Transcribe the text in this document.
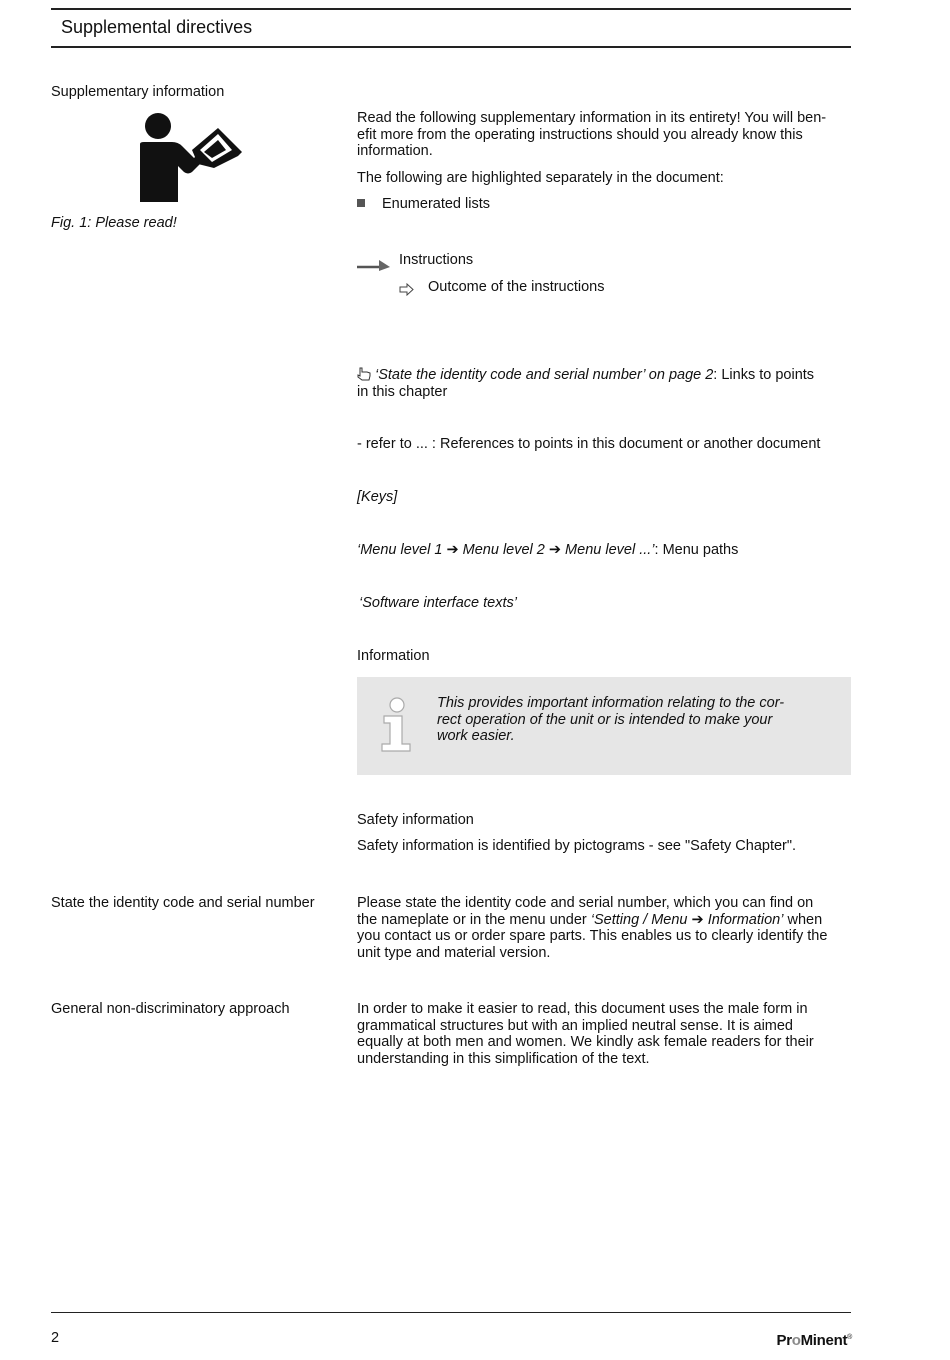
Supplemental directives
Supplementary information
Fig. 1: Please read!
Read the following supplementary information in its entirety! You will ben-
efit more from the operating instructions should you already know this
information.
The following are highlighted separately in the document:
Enumerated lists
Instructions
Outcome of the instructions
‘State the identity code and serial number’ on page 2: Links to points
in this chapter
- refer to ... : References to points in this document or another document
[Keys]
‘Menu level 1 ➔ Menu level 2 ➔ Menu level ...’: Menu paths
‘Software interface texts’
Information
This provides important information relating to the cor-
rect operation of the unit or is intended to make your
work easier.
Safety information
Safety information is identified by pictograms - see "Safety Chapter".
State the identity code and serial number	Please state the identity code and serial number, which you can find on
the nameplate or in the menu under ‘Setting / Menu ➔ Information’ when
you contact us or order spare parts. This enables us to clearly identify the
unit type and material version.
General non-discriminatory approach	In order to make it easier to read, this document uses the male form in
grammatical structures but with an implied neutral sense. It is aimed
equally at both men and women. We kindly ask female readers for their
understanding in this simplification of the text.
2	ProMinent®
